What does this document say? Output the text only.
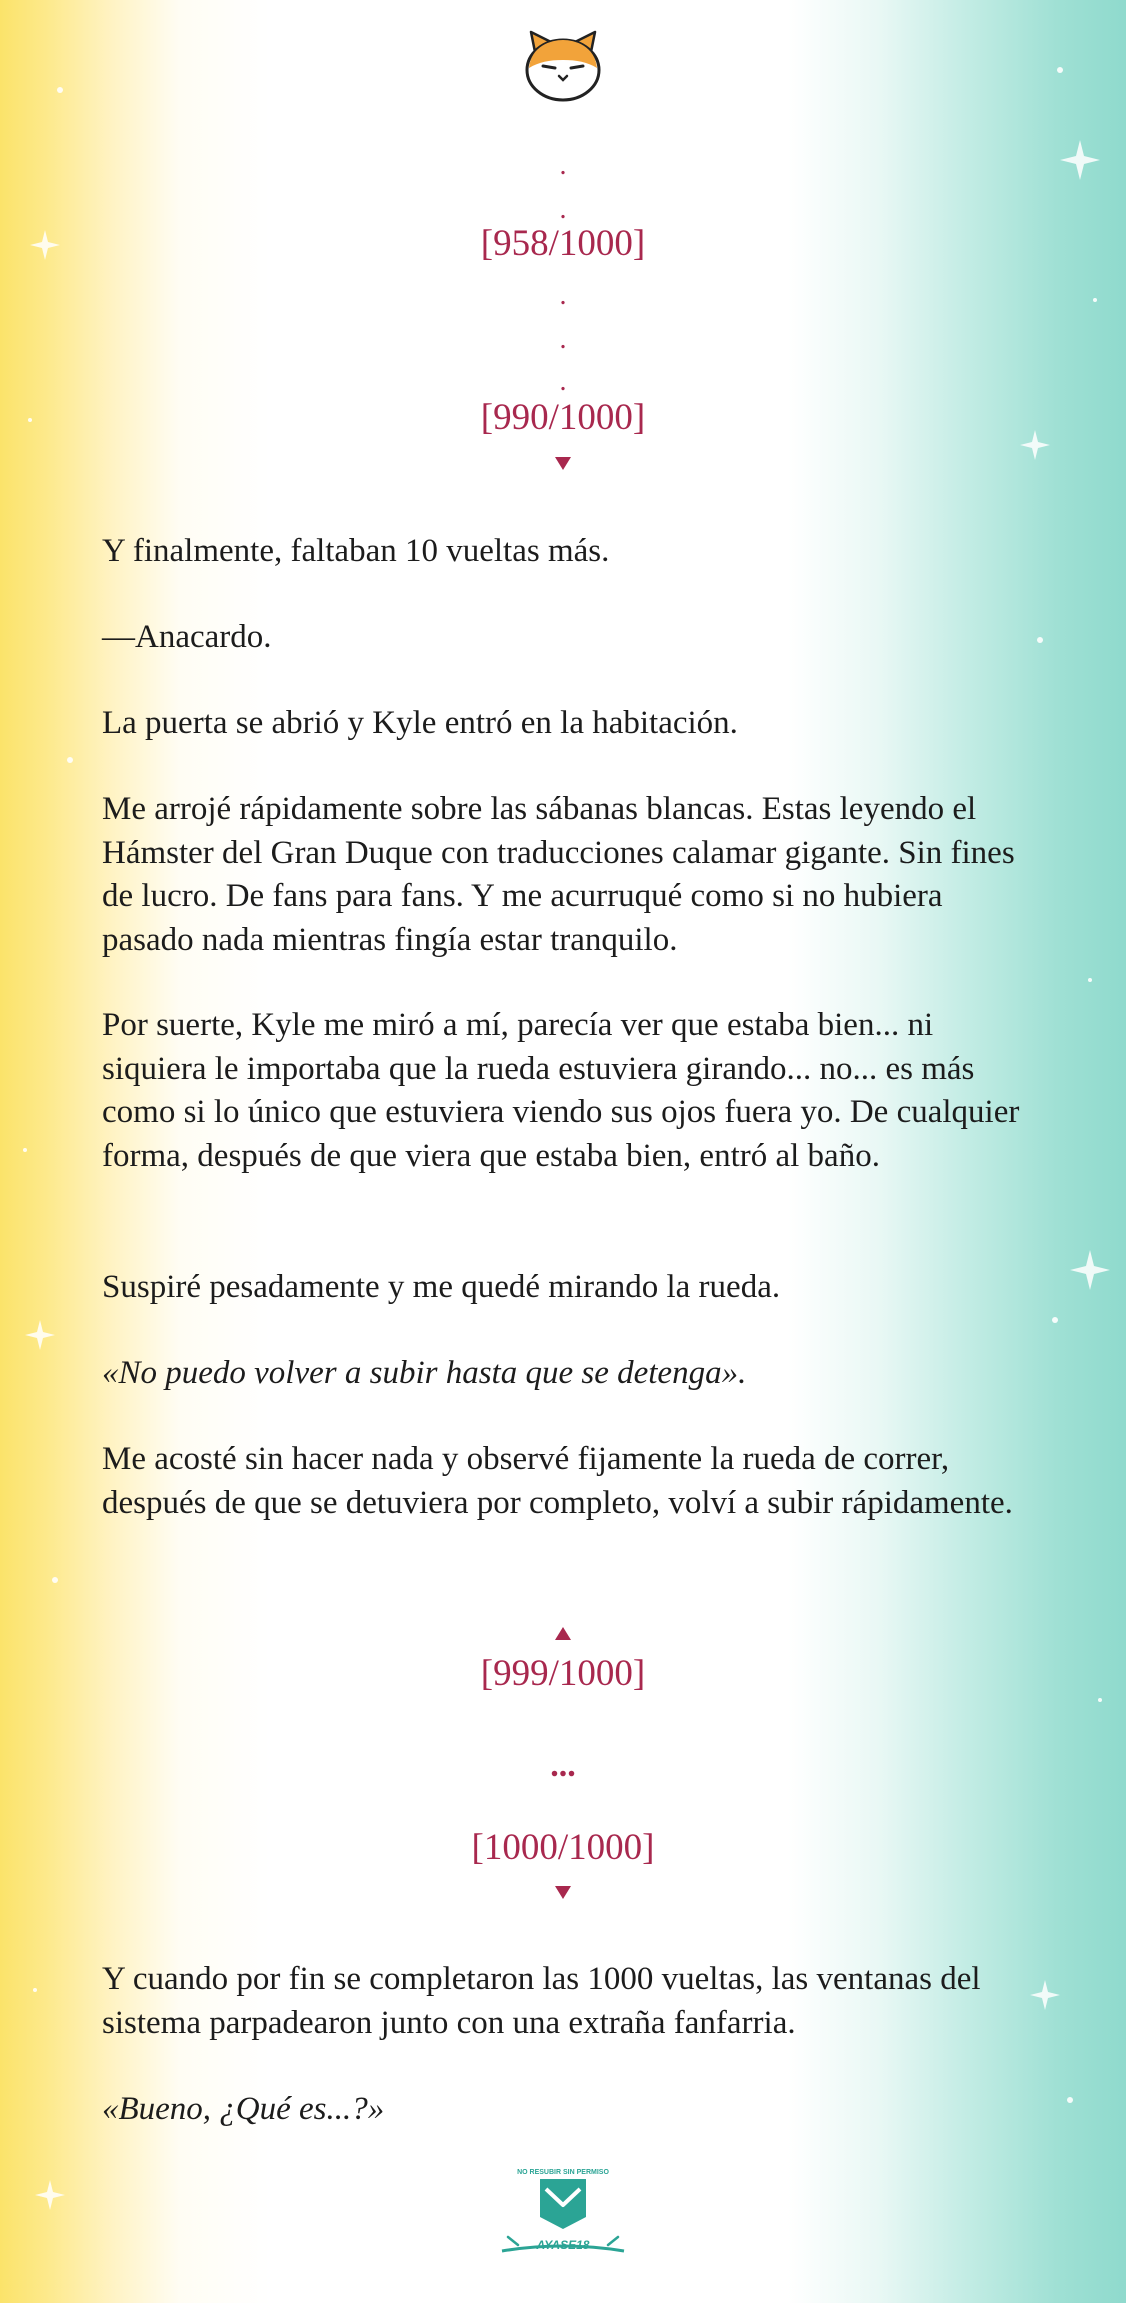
.
.
[958/1000]
.
.
.
[990/1000]

Y finalmente, faltaban 10 vueltas más.

—Anacardo.

La puerta se abrió y Kyle entró en la habitación.

Me arrojé rápidamente sobre las sábanas blancas. Estas leyendo el Hámster del Gran Duque con traducciones calamar gigante. Sin fines de lucro. De fans para fans. Y me acurruqué como si no hubiera pasado nada mientras fingía estar tranquilo.

Por suerte, Kyle me miró a mí, parecía ver que estaba bien... ni siquiera le importaba que la rueda estuviera girando... no... es más como si lo único que estuviera viendo sus ojos fuera yo. De cualquier forma, después de que viera que estaba bien, entró al baño.

Suspiré pesadamente y me quedé mirando la rueda.

«No puedo volver a subir hasta que se detenga».

Me acosté sin hacer nada y observé fijamente la rueda de correr, después de que se detuviera por completo, volví a subir rápidamente.

[999/1000]
...
[1000/1000]

Y cuando por fin se completaron las 1000 vueltas, las ventanas del sistema parpadearon junto con una extraña fanfarria.

«Bueno, ¿Qué es...?»

NO RESUBIR SIN PERMISO
AYASE18
